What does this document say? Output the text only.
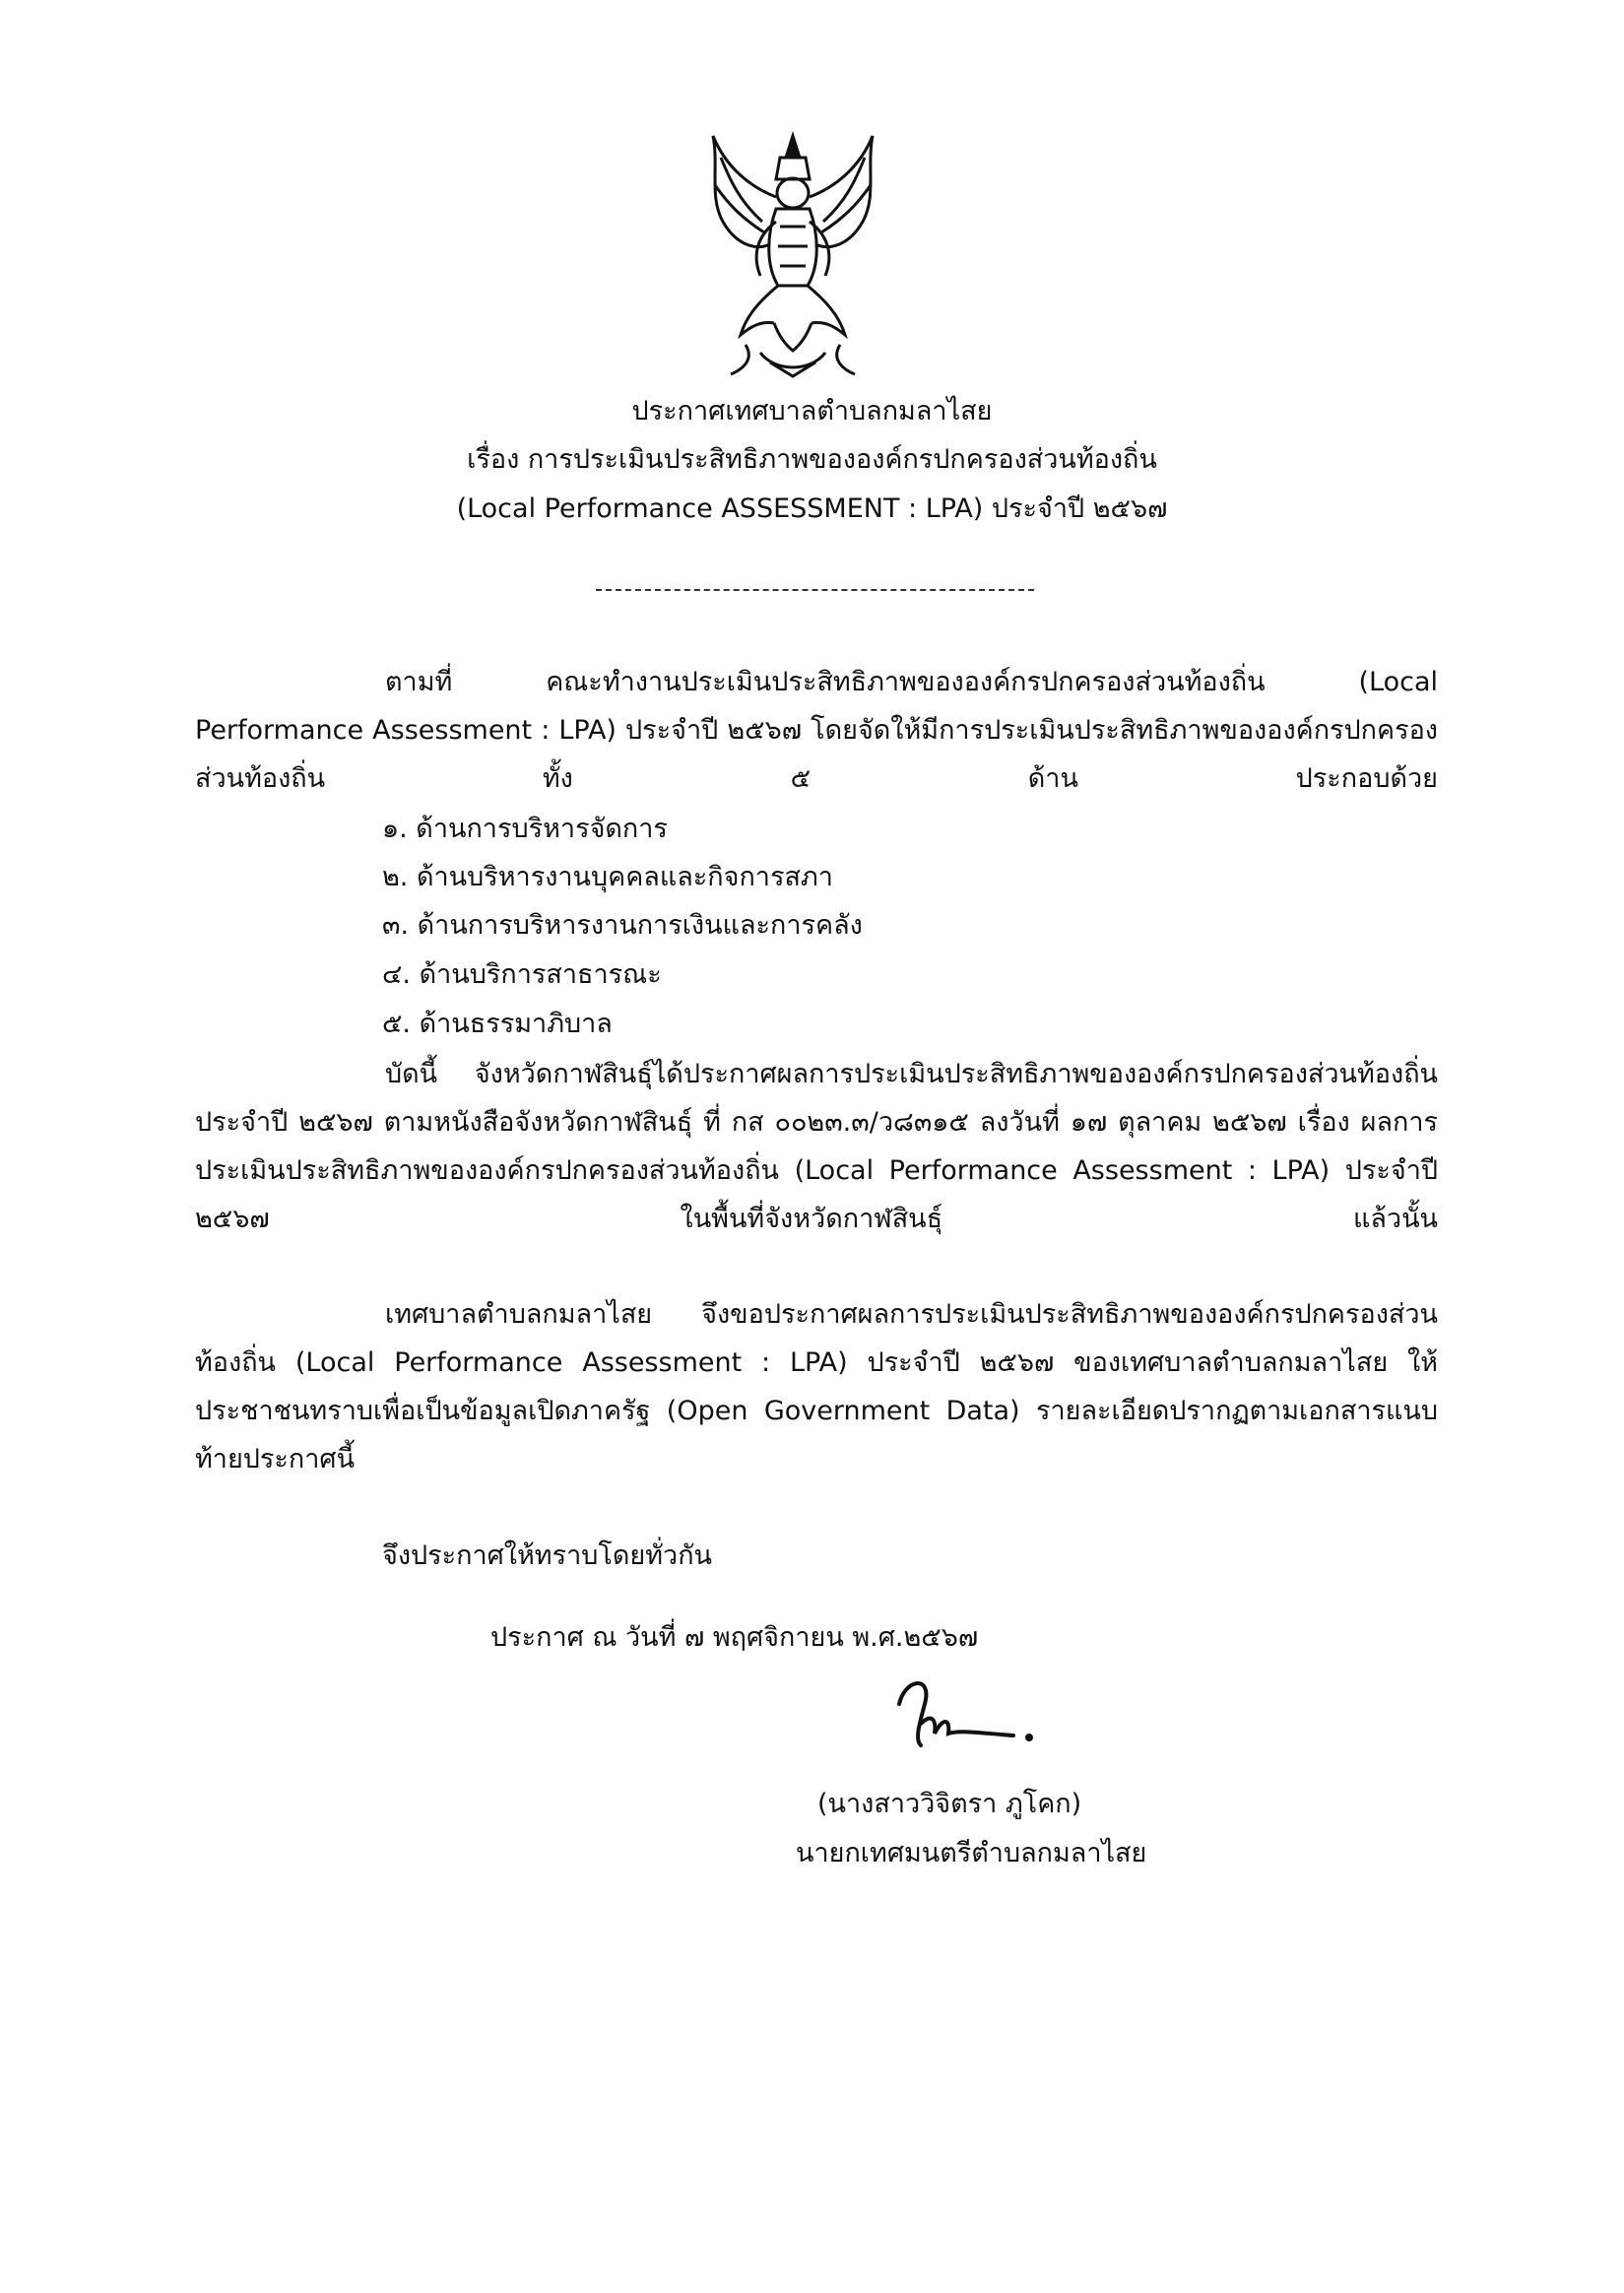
ประกาศเทศบาลตำบลกมลาไสย
เรื่อง การประเมินประสิทธิภาพขององค์กรปกครองส่วนท้องถิ่น
(Local Performance ASSESSMENT : LPA) ประจำปี ๒๕๖๗
ตามที่ คณะทำงานประเมินประสิทธิภาพขององค์กรปกครองส่วนท้องถิ่น (Local Performance Assessment : LPA) ประจำปี ๒๕๖๗ โดยจัดให้มีการประเมินประสิทธิภาพขององค์กรปกครองส่วนท้องถิ่น ทั้ง ๕ ด้าน ประกอบด้วย
๑. ด้านการบริหารจัดการ
๒. ด้านบริหารงานบุคคลและกิจการสภา
๓. ด้านการบริหารงานการเงินและการคลัง
๔. ด้านบริการสาธารณะ
๕. ด้านธรรมาภิบาล
บัดนี้ จังหวัดกาฬสินธุ์ได้ประกาศผลการประเมินประสิทธิภาพขององค์กรปกครองส่วนท้องถิ่น ประจำปี ๒๕๖๗ ตามหนังสือจังหวัดกาฬสินธุ์ ที่ กส ๐๐๒๓.๓/ว๘๓๑๕ ลงวันที่ ๑๗ ตุลาคม ๒๕๖๗ เรื่อง ผลการประเมินประสิทธิภาพขององค์กรปกครองส่วนท้องถิ่น (Local Performance Assessment : LPA) ประจำปี ๒๕๖๗ ในพื้นที่จังหวัดกาฬสินธุ์ แล้วนั้น
เทศบาลตำบลกมลาไสย จึงขอประกาศผลการประเมินประสิทธิภาพขององค์กรปกครองส่วนท้องถิ่น (Local Performance Assessment : LPA) ประจำปี ๒๕๖๗ ของเทศบาลตำบลกมลาไสย ให้ประชาชนทราบเพื่อเป็นข้อมูลเปิดภาครัฐ (Open Government Data) รายละเอียดปรากฏตามเอกสารแนบท้ายประกาศนี้
จึงประกาศให้ทราบโดยทั่วกัน
ประกาศ ณ วันที่ ๗ พฤศจิกายน พ.ศ.๒๕๖๗
(นางสาววิจิตรา ภูโคก)
นายกเทศมนตรีตำบลกมลาไสย
